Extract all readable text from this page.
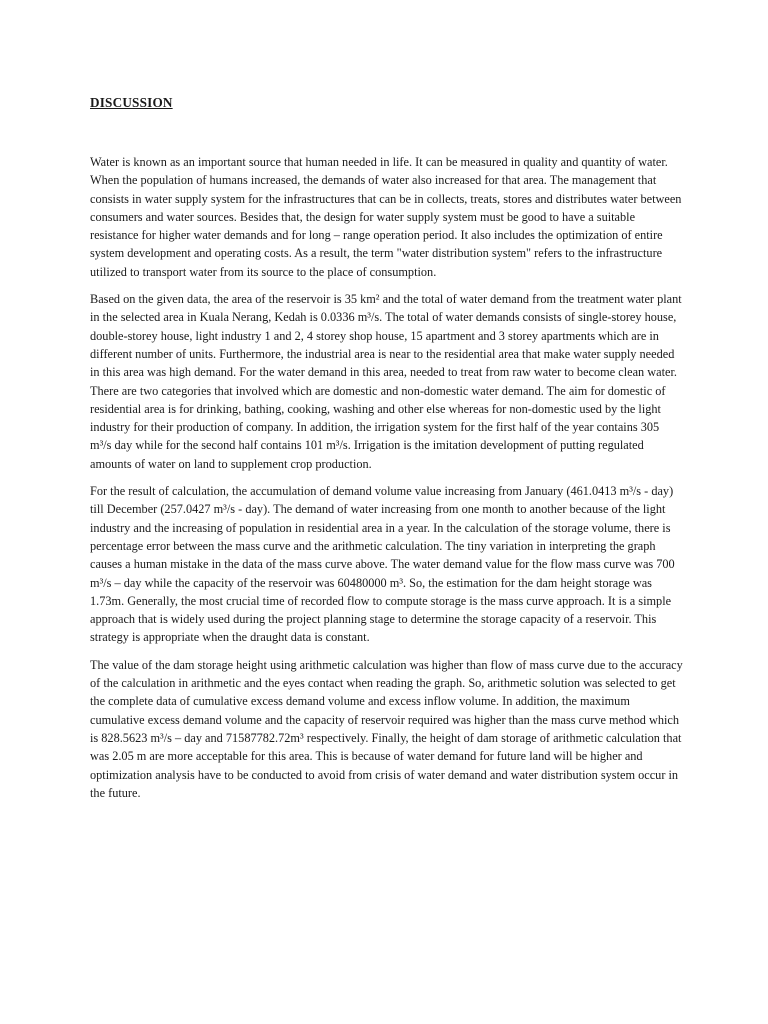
DISCUSSION

Water is known as an important source that human needed in life. It can be measured in quality and quantity of water. When the population of humans increased, the demands of water also increased for that area. The management that consists in water supply system for the infrastructures that can be in collects, treats, stores and distributes water between consumers and water sources. Besides that, the design for water supply system must be good to have a suitable resistance for higher water demands and for long – range operation period. It also includes the optimization of entire system development and operating costs. As a result, the term "water distribution system" refers to the infrastructure utilized to transport water from its source to the place of consumption.

Based on the given data, the area of the reservoir is 35 km² and the total of water demand from the treatment water plant in the selected area in Kuala Nerang, Kedah is 0.0336 m³/s. The total of water demands consists of single-storey house, double-storey house, light industry 1 and 2, 4 storey shop house, 15 apartment and 3 storey apartments which are in different number of units. Furthermore, the industrial area is near to the residential area that make water supply needed in this area was high demand. For the water demand in this area, needed to treat from raw water to become clean water. There are two categories that involved which are domestic and non-domestic water demand. The aim for domestic of residential area is for drinking, bathing, cooking, washing and other else whereas for non-domestic used by the light industry for their production of company. In addition, the irrigation system for the first half of the year contains 305 m³/s day while for the second half contains 101 m³/s. Irrigation is the imitation development of putting regulated amounts of water on land to supplement crop production.

For the result of calculation, the accumulation of demand volume value increasing from January (461.0413 m³/s - day) till December (257.0427 m³/s - day). The demand of water increasing from one month to another because of the light industry and the increasing of population in residential area in a year. In the calculation of the storage volume, there is percentage error between the mass curve and the arithmetic calculation. The tiny variation in interpreting the graph causes a human mistake in the data of the mass curve above. The water demand value for the flow mass curve was 700 m³/s – day while the capacity of the reservoir was 60480000 m³. So, the estimation for the dam height storage was 1.73m. Generally, the most crucial time of recorded flow to compute storage is the mass curve approach. It is a simple approach that is widely used during the project planning stage to determine the storage capacity of a reservoir. This strategy is appropriate when the draught data is constant.

The value of the dam storage height using arithmetic calculation was higher than flow of mass curve due to the accuracy of the calculation in arithmetic and the eyes contact when reading the graph. So, arithmetic solution was selected to get the complete data of cumulative excess demand volume and excess inflow volume. In addition, the maximum cumulative excess demand volume and the capacity of reservoir required was higher than the mass curve method which is 828.5623 m³/s – day and 71587782.72m³ respectively. Finally, the height of dam storage of arithmetic calculation that was 2.05 m are more acceptable for this area. This is because of water demand for future land will be higher and optimization analysis have to be conducted to avoid from crisis of water demand and water distribution system occur in the future.
